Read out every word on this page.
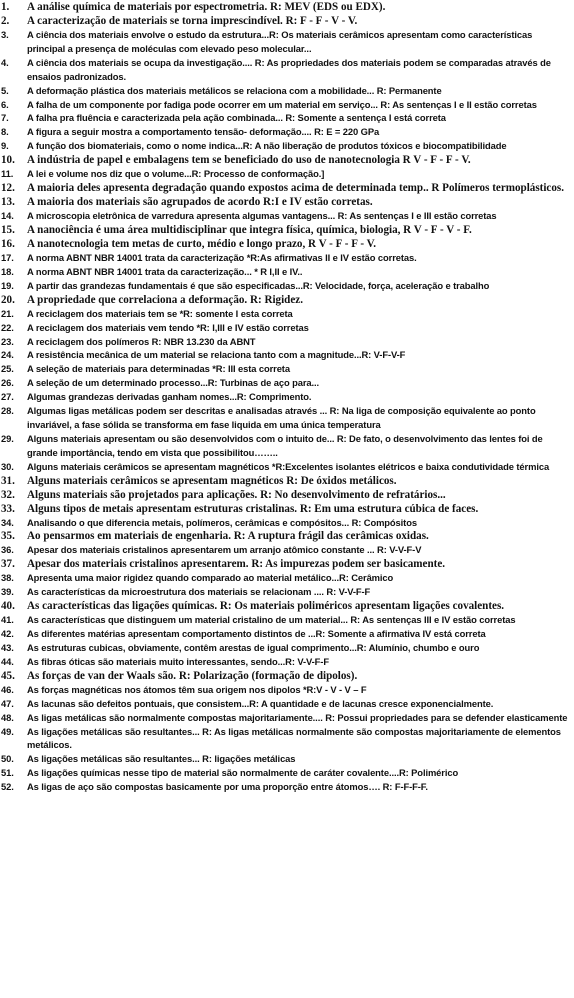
1. A análise química de materiais por espectrometria. R: MEV (EDS ou EDX).
2. A caracterização de materiais se torna imprescindível. R: F - F - V - V.
3. A ciência dos materiais envolve o estudo da estrutura...R: Os materiais cerâmicos apresentam como características principal a presença de moléculas com elevado peso molecular...
4. A ciência dos materiais se ocupa da investigação.... R: As propriedades dos materiais podem se comparadas através de ensaios padronizados.
5. A deformação plástica dos materiais metálicos se relaciona com a mobilidade... R: Permanente
6. A falha de um componente por fadiga pode ocorrer em um material em serviço... R: As sentenças I e II estão corretas
7. A falha pra fluência e caracterizada pela ação combinada... R: Somente a sentença I está correta
8. A figura a seguir mostra a comportamento tensão- deformação.... R: E = 220 GPa
9. A função dos biomateriais, como o nome indica...R: A não liberação de produtos tóxicos e biocompatibilidade
10. A indústria de papel e embalagens tem se beneficiado do uso de nanotecnologia R V - F - F - V.
11. A lei e volume nos diz que o volume...R: Processo de conformação.]
12. A maioria deles apresenta degradação quando expostos acima de determinada temp.. R Polímeros termoplásticos.
13. A maioria dos materiais são agrupados de acordo R:I e IV estão corretas.
14. A microscopia eletrônica de varredura apresenta algumas vantagens... R: As sentenças I e III estão corretas
15. A nanociência é uma área multidisciplinar que integra física, química, biologia, R V - F - V - F.
16. A nanotecnologia tem metas de curto, médio e longo prazo, R V - F - F - V.
17. A norma ABNT NBR 14001 trata da caracterização *R:As afirmativas II e IV estão corretas.
18. A norma ABNT NBR 14001 trata da caracterização... * R I,II e IV..
19. A partir das grandezas fundamentais é que são especificadas...R: Velocidade, força, aceleração e trabalho
20. A propriedade que correlaciona a deformação. R: Rigidez.
21. A reciclagem dos materiais tem se *R: somente I esta correta
22. A reciclagem dos materiais vem tendo *R: I,III e IV estão corretas
23. A reciclagem dos polímeros R: NBR 13.230 da ABNT
24. A resistência mecânica de um material se relaciona tanto com a magnitude...R: V-F-V-F
25. A seleção de materiais para determinadas *R: III esta correta
26. A seleção de um determinado processo...R: Turbinas de aço para...
27. Algumas grandezas derivadas ganham nomes...R: Comprimento.
28. Algumas ligas metálicas podem ser descritas e analisadas através ... R: Na liga de composição equivalente ao ponto invariável, a fase sólida se transforma em fase liquida em uma única temperatura
29. Alguns materiais apresentam ou são desenvolvidos com o intuito de... R: De fato, o desenvolvimento das lentes foi de grande importância, tendo em vista que possibilitou……..
30. Alguns materiais cerâmicos se apresentam magnéticos *R:Excelentes isolantes elétricos e baixa condutividade térmica
31. Alguns materiais cerâmicos se apresentam magnéticos R: De óxidos metálicos.
32. Alguns materiais são projetados para aplicações. R: No desenvolvimento de refratários...
33. Alguns tipos de metais apresentam estruturas cristalinas. R: Em uma estrutura cúbica de faces.
34. Analisando o que diferencia metais, polímeros, cerâmicas e compósitos... R: Compósitos
35. Ao pensarmos em materiais de engenharia. R: A ruptura frágil das cerâmicas oxidas.
36. Apesar dos materiais cristalinos apresentarem um arranjo atômico constante ... R: V-V-F-V
37. Apesar dos materiais cristalinos apresentarem. R: As impurezas podem ser basicamente.
38. Apresenta uma maior rigidez quando comparado ao material metálico...R: Cerâmico
39. As características da microestrutura dos materiais se relacionam .... R: V-V-F-F
40. As características das ligações químicas. R: Os materiais poliméricos apresentam ligações covalentes.
41. As características que distinguem um material cristalino de um material... R: As sentenças III e IV estão corretas
42. As diferentes matérias apresentam comportamento distintos de ...R: Somente a afirmativa IV está correta
43. As estruturas cubicas, obviamente, contêm arestas de igual comprimento...R: Alumínio, chumbo e ouro
44. As fibras óticas são materiais muito interessantes, sendo...R: V-V-F-F
45. As forças de van der Waals são. R: Polarização (formação de dipolos).
46. As forças magnéticas nos átomos têm sua origem nos dipolos *R:V - V - V – F
47. As lacunas são defeitos pontuais, que consistem...R: A quantidade e de lacunas cresce exponencialmente.
48. As ligas metálicas são normalmente compostas majoritariamente.... R: Possui propriedades para se defender elasticamente
49. As ligações metálicas são resultantes... R: As ligas metálicas normalmente são compostas majoritariamente de elementos metálicos.
50. As ligações metálicas são resultantes... R: ligações metálicas
51. As ligações químicas nesse tipo de material são normalmente de caráter covalente....R: Polimérico
52. As ligas de aço são compostas basicamente por uma proporção entre átomos…. R: F-F-F-F.
